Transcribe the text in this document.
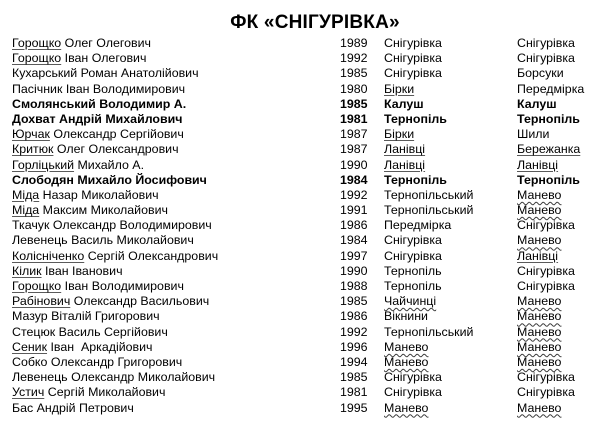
ФК «СНІГУРІВКА»
Горощко Олег Олегович	1989 Снігурівка	Снігурівка
Горощко Іван Олегович	1992 Снігурівка	Снігурівка
Кухарський Роман Анатолійович	1985 Снігурівка	Борсуки
Пасічник Іван Володимирович	1980 Бірки	Передмірка
Смолянський Володимир А.	1985 Калуш	Калуш
Дохват Андрій Михайлович	1981 Тернопіль	Тернопіль
Юрчак Олександр Сергійович	1987 Бірки	Шили
Критюк Олег Олександрович	1987 Ланівці	Бережанка
Горліцький Михайло А.	1990 Ланівці	Ланівці
Слободян Михайло Йосифович	1984 Тернопіль	Тернопіль
Міда Назар Миколайович	1992 Тернопільський	Манево
Міда Максим Миколайович	1991 Тернопільський	Манево
Ткачук Олександр Володимирович	1986 Передмірка	Снігурівка
Левенець Василь Миколайович	1984 Снігурівка	Манево
Колісніченко Сергій Олександрович	1997 Снігурівка	Ланівці
Кілик Іван Іванович	1990 Тернопіль	Снігурівка
Горощко Іван Володимирович	1988 Тернопіль	Снігурівка
Рабінович Олександр Васильович	1985 Чайчинці	Манево
Мазур Віталій Григорович	1986 Вікнини	Манево
Стецюк Василь Сергійович	1992 Тернопільський	Манево
Сеник Іван  Аркадійович	1996 Манево	Манево
Собко Олександр Григорович	1994 Манево	Манево
Левенець Олександр Миколайович	1985 Снігурівка	Снігурівка
Устич Сергій Миколайович	1981 Снігурівка	Снігурівка
Бас Андрій Петрович	1995 Манево	Манево
